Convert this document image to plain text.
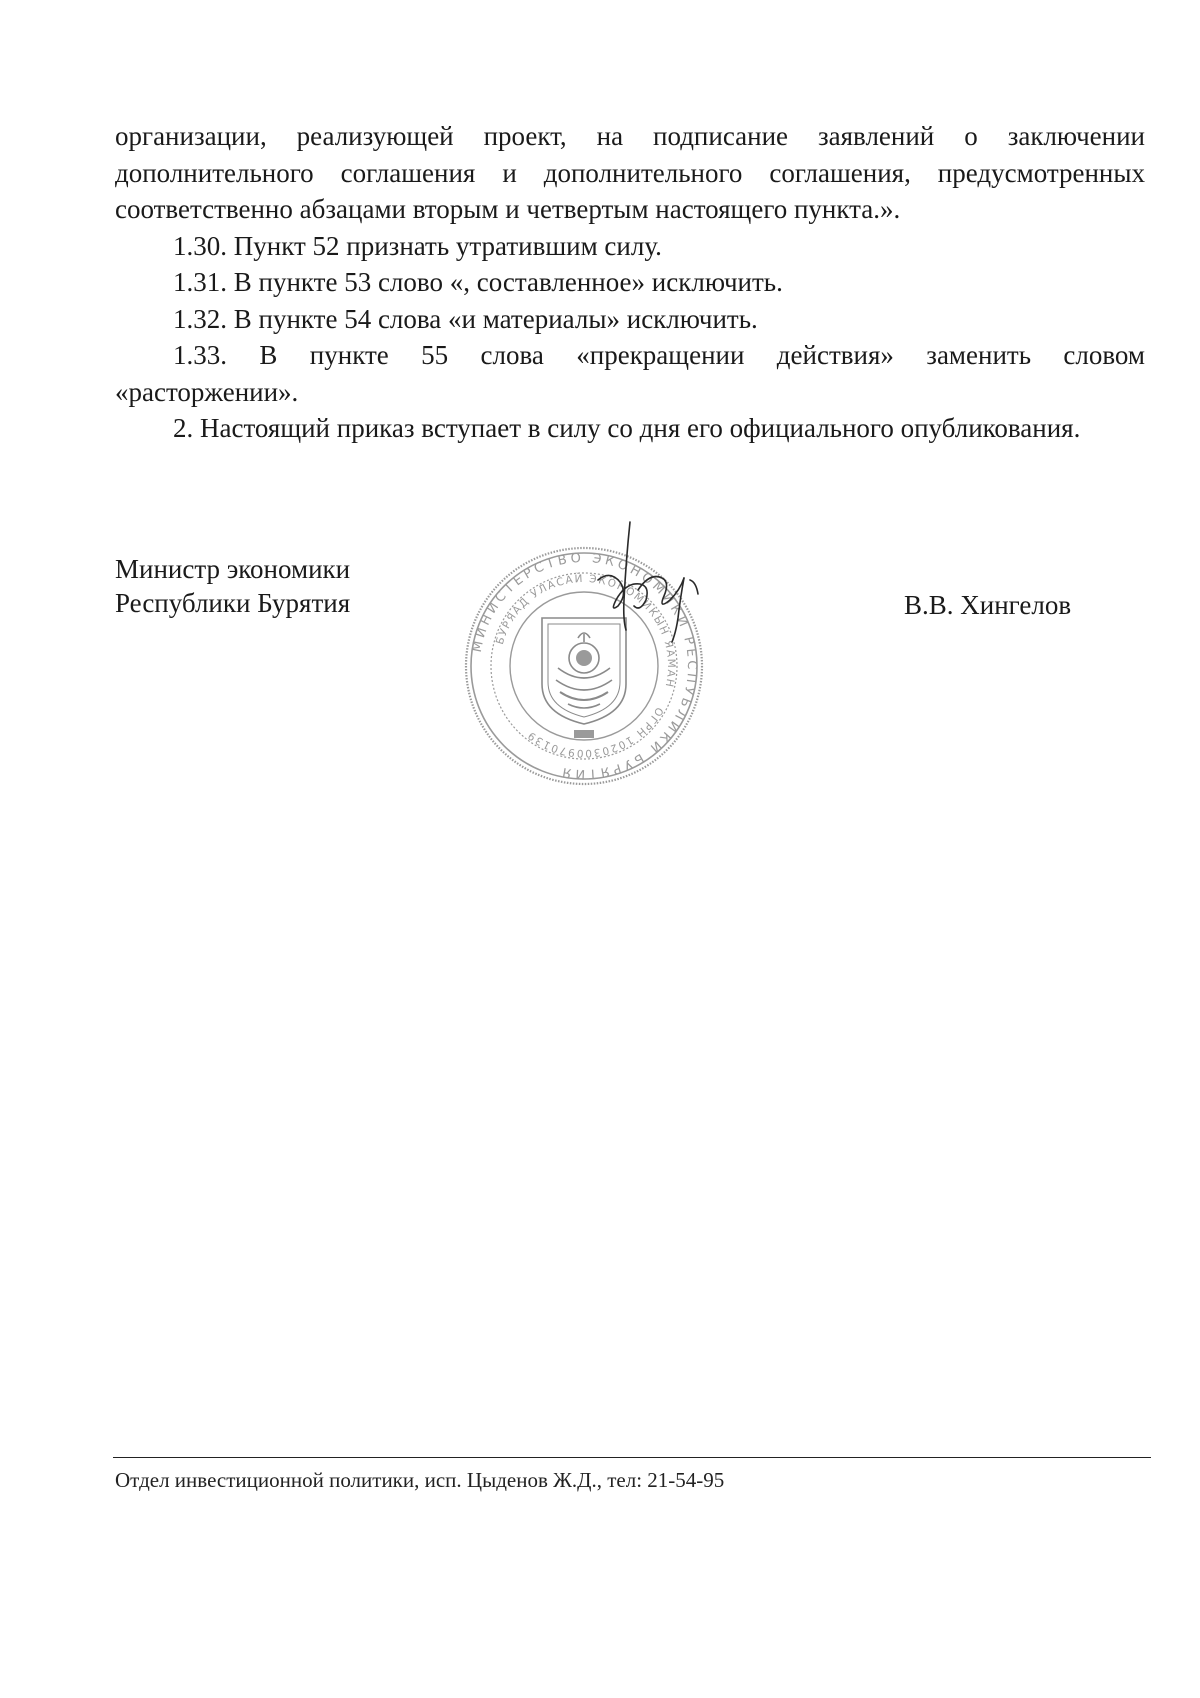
организации, реализующей проект, на подписание заявлений о заключении дополнительного соглашения и дополнительного соглашения, предусмотренных соответственно абзацами вторым и четвертым настоящего пункта.».

1.30. Пункт 52 признать утратившим силу.

1.31. В пункте 53 слово «, составленное» исключить.

1.32. В пункте 54 слова «и материалы» исключить.

1.33. В пункте 55 слова «прекращении действия» заменить словом

«расторжении».

2. Настоящий приказ вступает в силу со дня его официального опубликования.

Министр экономики
Республики Бурятия
МИНИСТЕРСТВО ЭКОНОМИКИ РЕСПУБЛИКИ БУРЯТИЯ
БУРЯАД УЛАСАЙ ЭКОНОМИКЫН ЯАМАН
ОГРН 1020300970139
В.В. Хингелов
Отдел инвестиционной политики, исп. Цыденов Ж.Д., тел: 21-54-95
